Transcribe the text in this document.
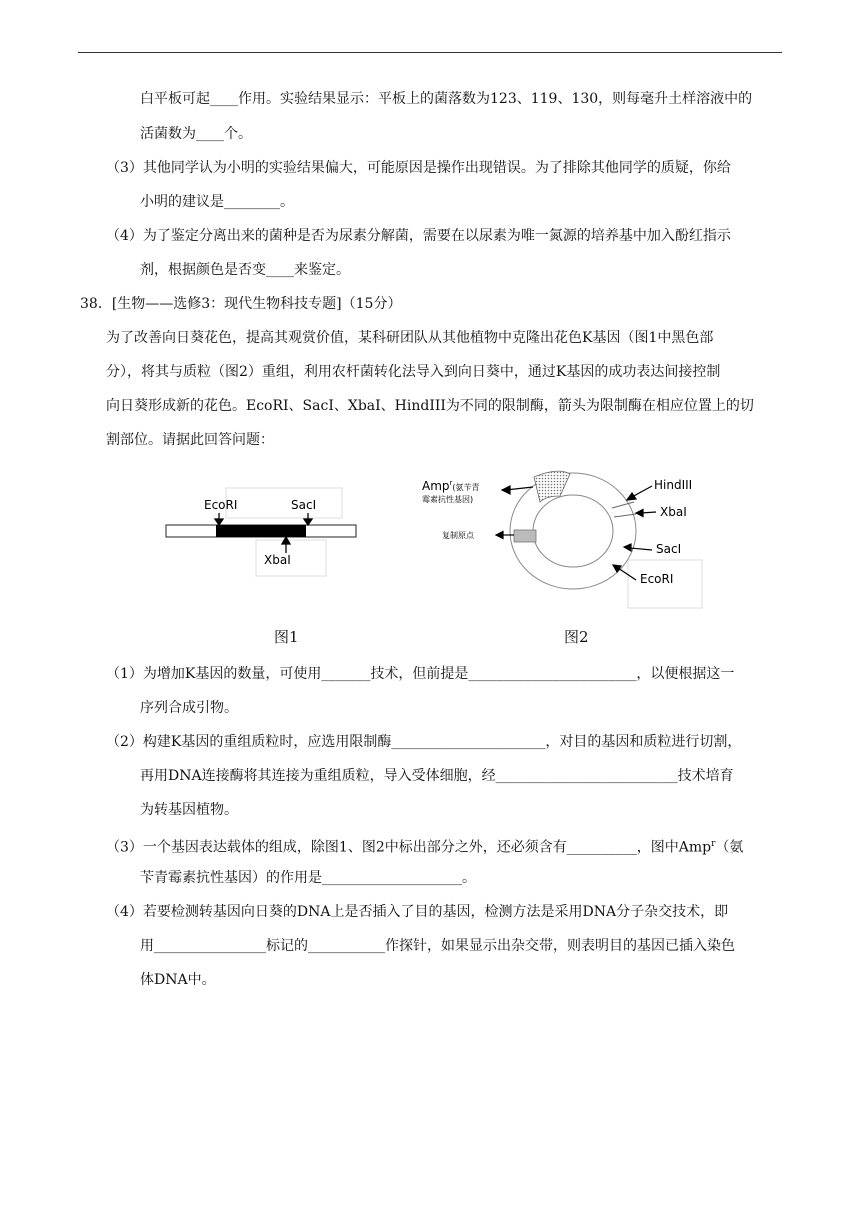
白平板可起____作用。实验结果显示：平板上的菌落数为123、119、130，则每毫升土样溶液中的
活菌数为____个。
（3）其他同学认为小明的实验结果偏大，可能原因是操作出现错误。为了排除其他同学的质疑，你给
小明的建议是________。
（4）为了鉴定分离出来的菌种是否为尿素分解菌，需要在以尿素为唯一氮源的培养基中加入酚红指示
剂，根据颜色是否变____来鉴定。
38．[生物——选修3：现代生物科技专题]（15分）
为了改善向日葵花色，提高其观赏价值，某科研团队从其他植物中克隆出花色K基因（图1中黑色部
分），将其与质粒（图2）重组，利用农杆菌转化法导入到向日葵中，通过K基因的成功表达间接控制
向日葵形成新的花色。EcoRI、SacI、XbaI、HindIII为不同的限制酶，箭头为限制酶在相应位置上的切
割部位。请据此回答问题：
EcoRI	SacI
XbaI
Amp$^r_{(氨苄青}$
霉素抗性基因)
复制原点
HindIII
XbaI
SacI
EcoRI
图1	图2
（1）为增加K基因的数量，可使用_______技术，但前提是________________________，以便根据这一
序列合成引物。
（2）构建K基因的重组质粒时，应选用限制酶______________________，对目的基因和质粒进行切割，
再用DNA连接酶将其连接为重组质粒，导入受体细胞，经__________________________技术培育
为转基因植物。
（3）一个基因表达载体的组成，除图1、图2中标出部分之外，还必须含有__________，图中Amp$^r$（氨
苄青霉素抗性基因）的作用是____________________。
（4）若要检测转基因向日葵的DNA上是否插入了目的基因，检测方法是采用DNA分子杂交技术，即
用________________标记的___________作探针，如果显示出杂交带，则表明目的基因已插入染色
体DNA中。
